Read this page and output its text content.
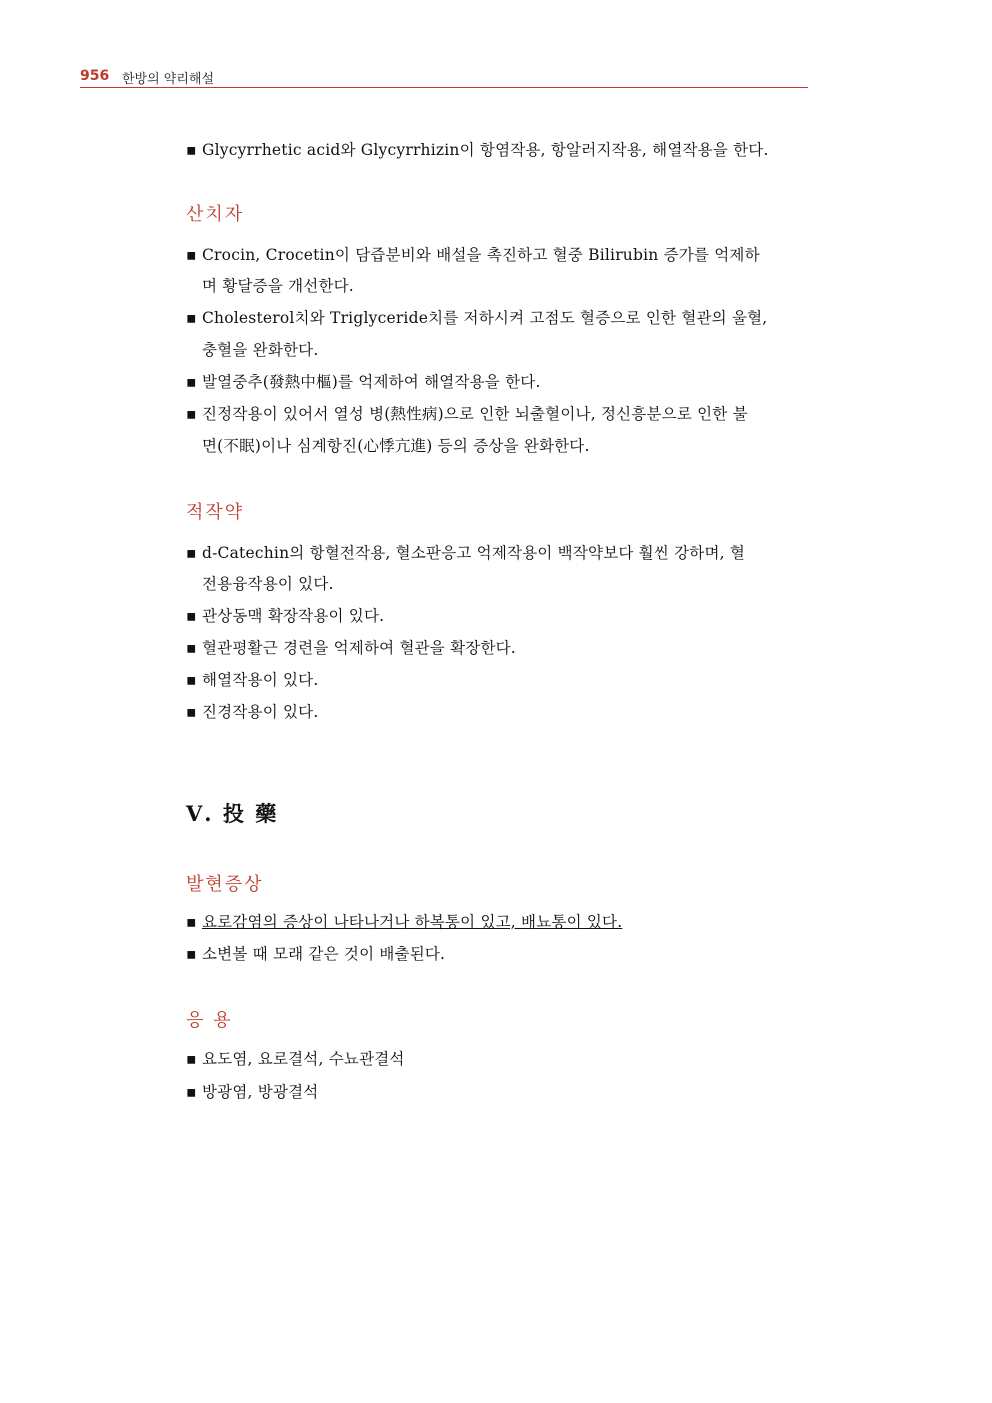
956 한방의 약리해설
▪ Glycyrrhetic acid와 Glycyrrhizin이 항염작용, 항알러지작용, 해열작용을 한다.
산치자
▪ Crocin, Crocetin이 담즙분비와 배설을 촉진하고 혈중 Bilirubin 증가를 억제하
며 황달증을 개선한다.
▪ Cholesterol치와 Triglyceride치를 저하시켜 고점도 혈증으로 인한 혈관의 울혈,
충혈을 완화한다.
▪ 발열중추(發熱中樞)를 억제하여 해열작용을 한다.
▪ 진정작용이 있어서 열성 병(熱性病)으로 인한 뇌출혈이나, 정신흥분으로 인한 불
면(不眠)이나 심계항진(心悸亢進) 등의 증상을 완화한다.
적작약
▪ d-Catechin의 항혈전작용, 혈소판응고 억제작용이 백작약보다 훨씬 강하며, 혈
전용융작용이 있다.
▪ 관상동맥 확장작용이 있다.
▪ 혈관평활근 경련을 억제하여 혈관을 확장한다.
▪ 해열작용이 있다.
▪ 진경작용이 있다.
Ⅴ. 投 藥
발현증상
▪ 요로감염의 증상이 나타나거나 하복통이 있고, 배뇨통이 있다.
▪ 소변볼 때 모래 같은 것이 배출된다.
응 용
▪ 요도염, 요로결석, 수뇨관결석
▪ 방광염, 방광결석
